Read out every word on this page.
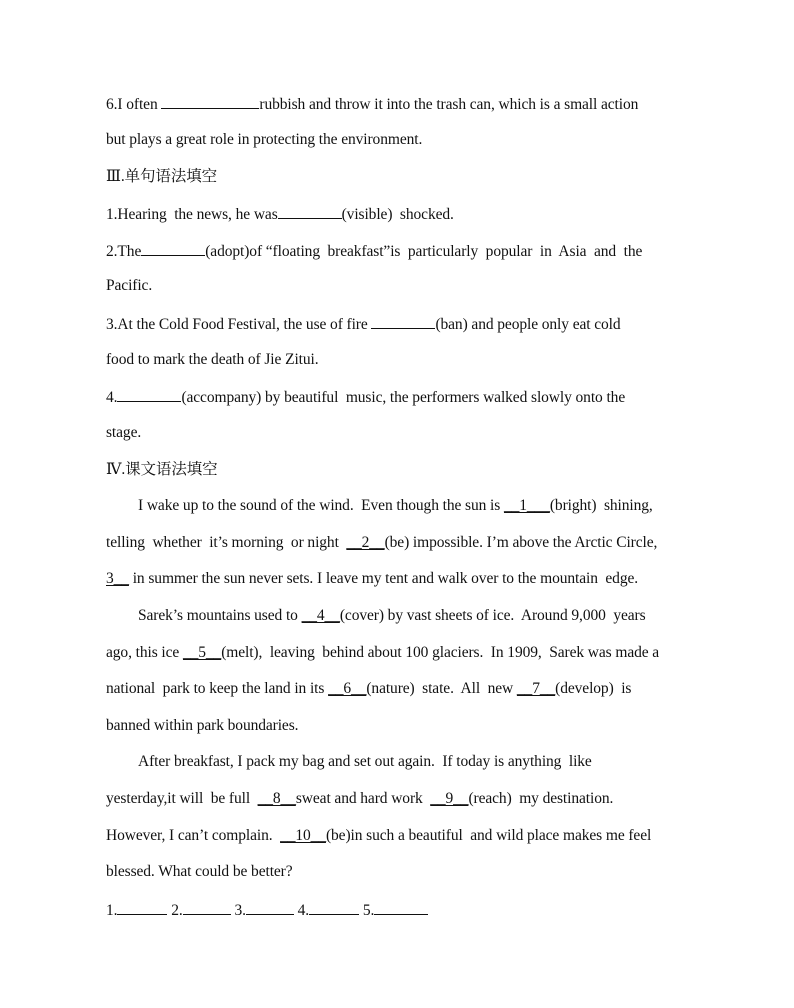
6.I often	rubbish and throw it into the trash can, which is a small action
but plays a great role in protecting the environment.
Ⅲ.单句语法填空
1.Hearing  the news, he was	(visible)  shocked.
2.The	(adopt)of “floating  breakfast”is  particularly  popular  in  Asia  and  the
Pacific.
3.At the Cold Food Festival, the use of fire	(ban) and people only eat cold
food to mark the death of Jie Zitui.
4.	(accompany) by beautiful  music, the performers walked slowly onto the
stage.
Ⅳ.课文语法填空
I wake up to the sound of the wind.  Even though the sun is __1___(bright)  shining,
telling  whether  it’s morning  or night  __2__(be) impossible. I’m above the Arctic Circle,
3__ in summer the sun never sets. I leave my tent and walk over to the mountain  edge.
Sarek’s mountains used to __4__(cover) by vast sheets of ice.  Around 9,000  years
ago, this ice __5__(melt),  leaving  behind about 100 glaciers.  In 1909,  Sarek was made a
national  park to keep the land in its __6__(nature)  state.  All  new __7__(develop)  is
banned within park boundaries.
After breakfast, I pack my bag and set out again.  If today is anything  like
yesterday,it will  be full  __8__sweat and hard work  __9__(reach)  my destination.
However, I can’t complain.  __10__(be)in such a beautiful  and wild place makes me feel
blessed. What could be better?
1.	2.	3.	4.	5.
